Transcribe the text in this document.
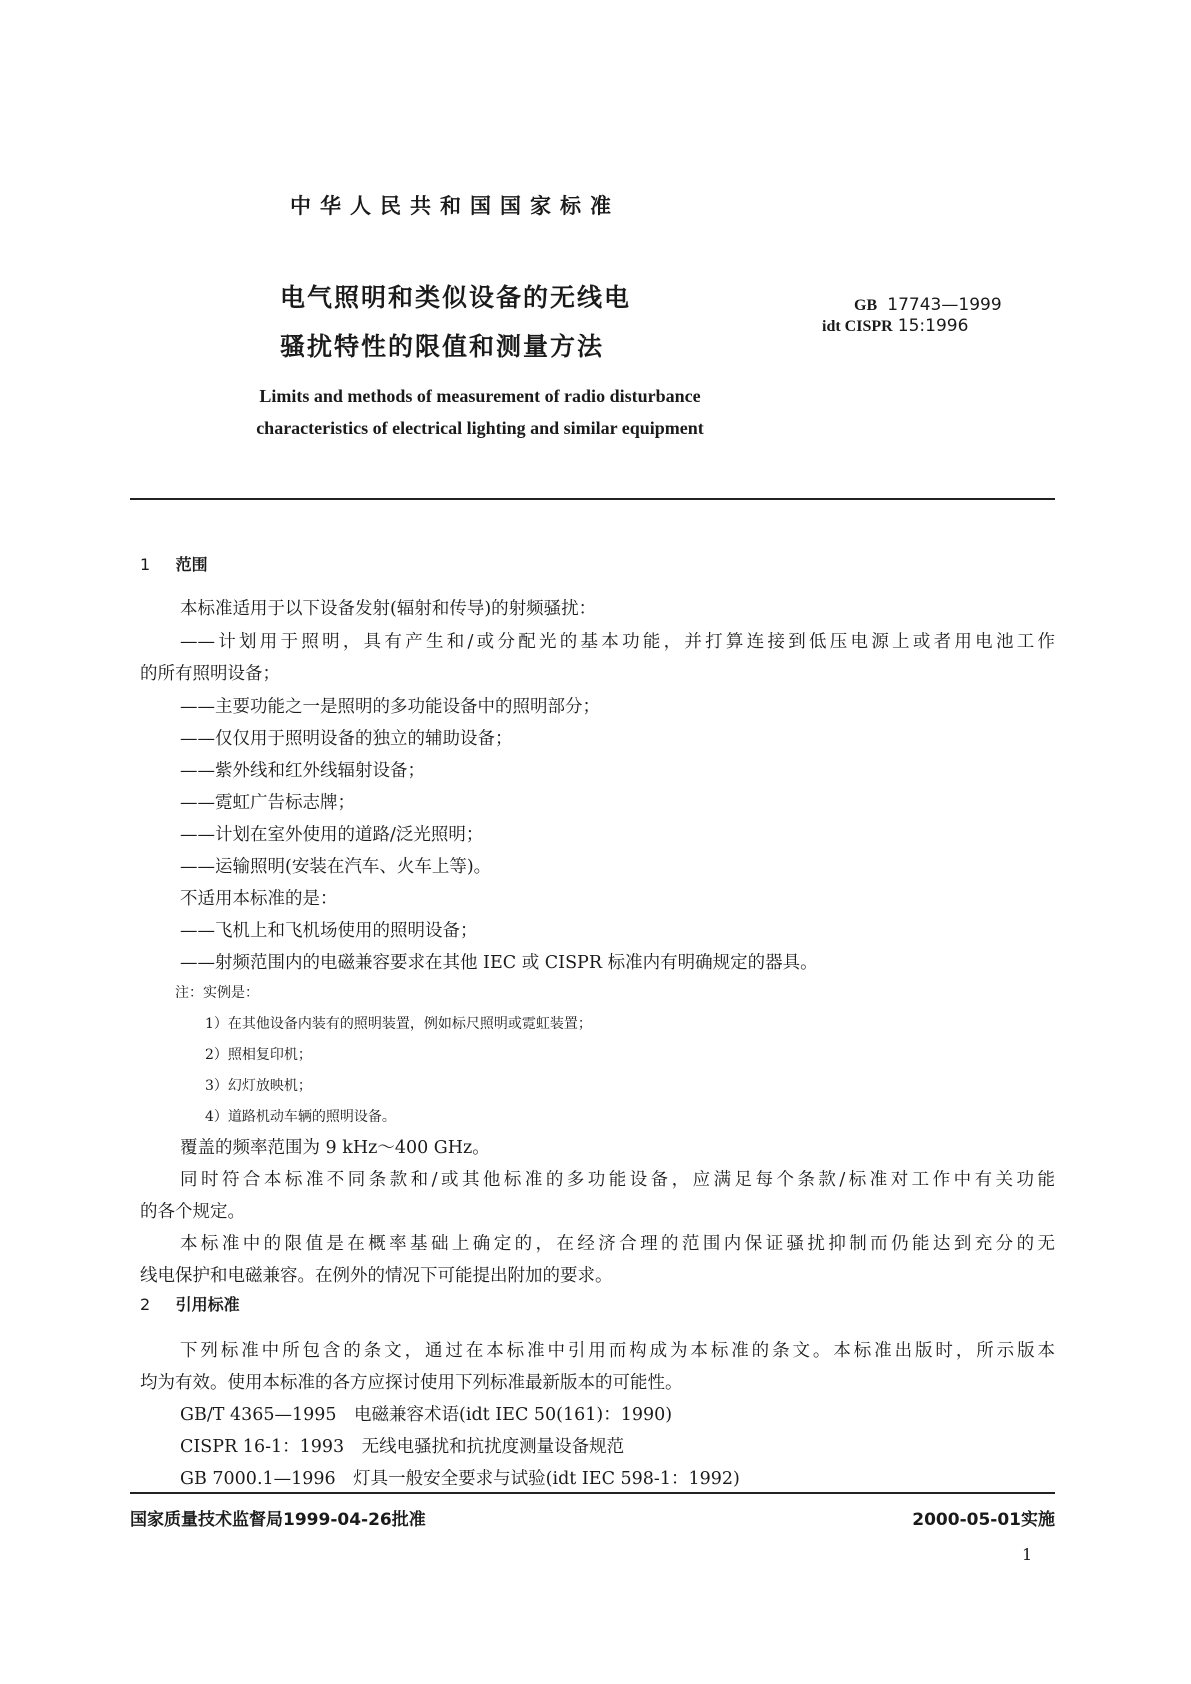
中华人民共和国国家标准
电气照明和类似设备的无线电
骚扰特性的限值和测量方法
GB 17743—1999
idt CISPR 15:1996
Limits and methods of measurement of radio disturbance
characteristics of electrical lighting and similar equipment
1 范围
本标准适用于以下设备发射(辐射和传导)的射频骚扰：
——计划用于照明，具有产生和/或分配光的基本功能，并打算连接到低压电源上或者用电池工作
的所有照明设备；
——主要功能之一是照明的多功能设备中的照明部分；
——仅仅用于照明设备的独立的辅助设备；
——紫外线和红外线辐射设备；
——霓虹广告标志牌；
——计划在室外使用的道路/泛光照明；
——运输照明(安装在汽车、火车上等)。
不适用本标准的是：
——飞机上和飞机场使用的照明设备；
——射频范围内的电磁兼容要求在其他 IEC 或 CISPR 标准内有明确规定的器具。
注：实例是：
1）在其他设备内装有的照明装置，例如标尺照明或霓虹装置；
2）照相复印机；
3）幻灯放映机；
4）道路机动车辆的照明设备。
覆盖的频率范围为 9 kHz～400 GHz。
同时符合本标准不同条款和/或其他标准的多功能设备，应满足每个条款/标准对工作中有关功能
的各个规定。
本标准中的限值是在概率基础上确定的，在经济合理的范围内保证骚扰抑制而仍能达到充分的无
线电保护和电磁兼容。在例外的情况下可能提出附加的要求。
2 引用标准
下列标准中所包含的条文，通过在本标准中引用而构成为本标准的条文。本标准出版时，所示版本
均为有效。使用本标准的各方应探讨使用下列标准最新版本的可能性。
GB/T 4365—1995　电磁兼容术语(idt IEC 50(161)：1990)
CISPR 16-1：1993　无线电骚扰和抗扰度测量设备规范
GB 7000.1—1996　灯具一般安全要求与试验(idt IEC 598-1：1992)
国家质量技术监督局1999-04-26批准	2000-05-01实施
1
